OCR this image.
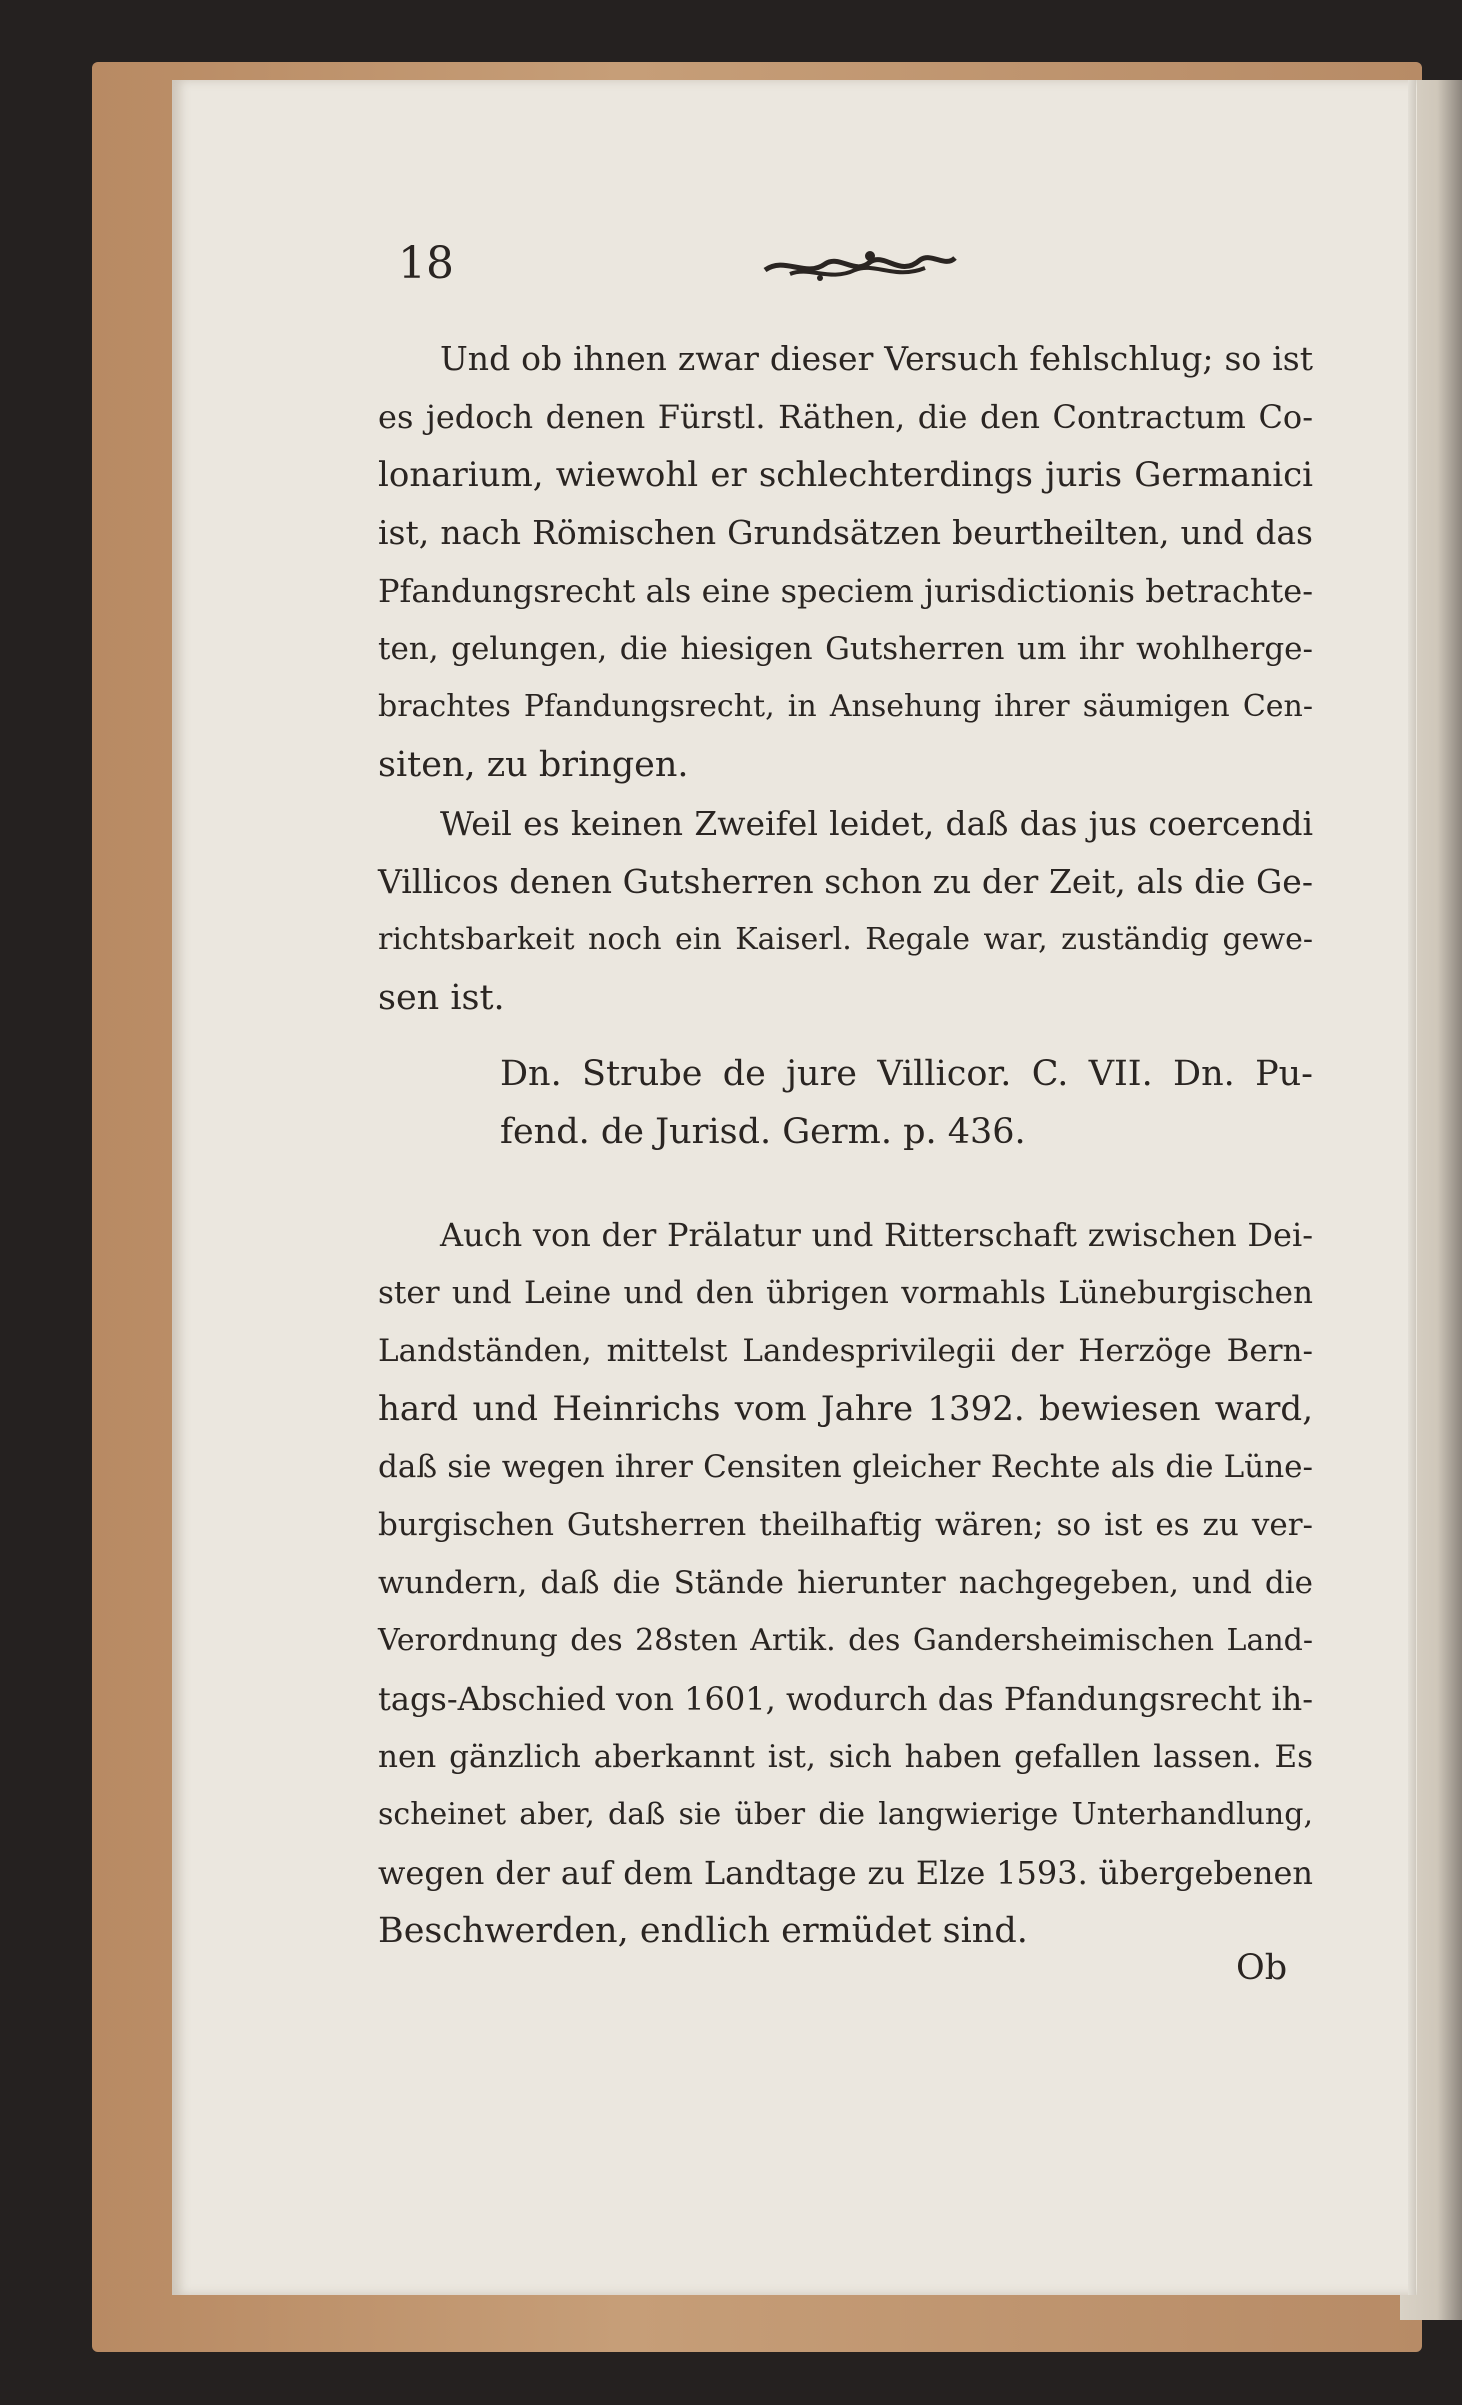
18
Und ob ihnen zwar dieser Versuch fehlschlug; so ist
es jedoch denen Fürstl. Räthen, die den Contractum Co-
lonarium, wiewohl er schlechterdings juris Germanici
ist, nach Römischen Grundsätzen beurtheilten, und das
Pfandungsrecht als eine speciem jurisdictionis betrachte-
ten, gelungen, die hiesigen Gutsherren um ihr wohlherge-
brachtes Pfandungsrecht, in Ansehung ihrer säumigen Cen-
siten, zu bringen.
Weil es keinen Zweifel leidet, daß das jus coercendi
Villicos denen Gutsherren schon zu der Zeit, als die Ge-
richtsbarkeit noch ein Kaiserl. Regale war, zuständig gewe-
sen ist.
Dn. Strube de jure Villicor. C. VII. Dn. Pu-
fend. de Jurisd. Germ. p. 436.
Auch von der Prälatur und Ritterschaft zwischen Dei-
ster und Leine und den übrigen vormahls Lüneburgischen
Landständen, mittelst Landesprivilegii der Herzöge Bern-
hard und Heinrichs vom Jahre 1392. bewiesen ward,
daß sie wegen ihrer Censiten gleicher Rechte als die Lüne-
burgischen Gutsherren theilhaftig wären; so ist es zu ver-
wundern, daß die Stände hierunter nachgegeben, und die
Verordnung des 28sten Artik. des Gandersheimischen Land-
tags-Abschied von 1601, wodurch das Pfandungsrecht ih-
nen gänzlich aberkannt ist, sich haben gefallen lassen. Es
scheinet aber, daß sie über die langwierige Unterhandlung,
wegen der auf dem Landtage zu Elze 1593. übergebenen
Beschwerden, endlich ermüdet sind.
Ob
